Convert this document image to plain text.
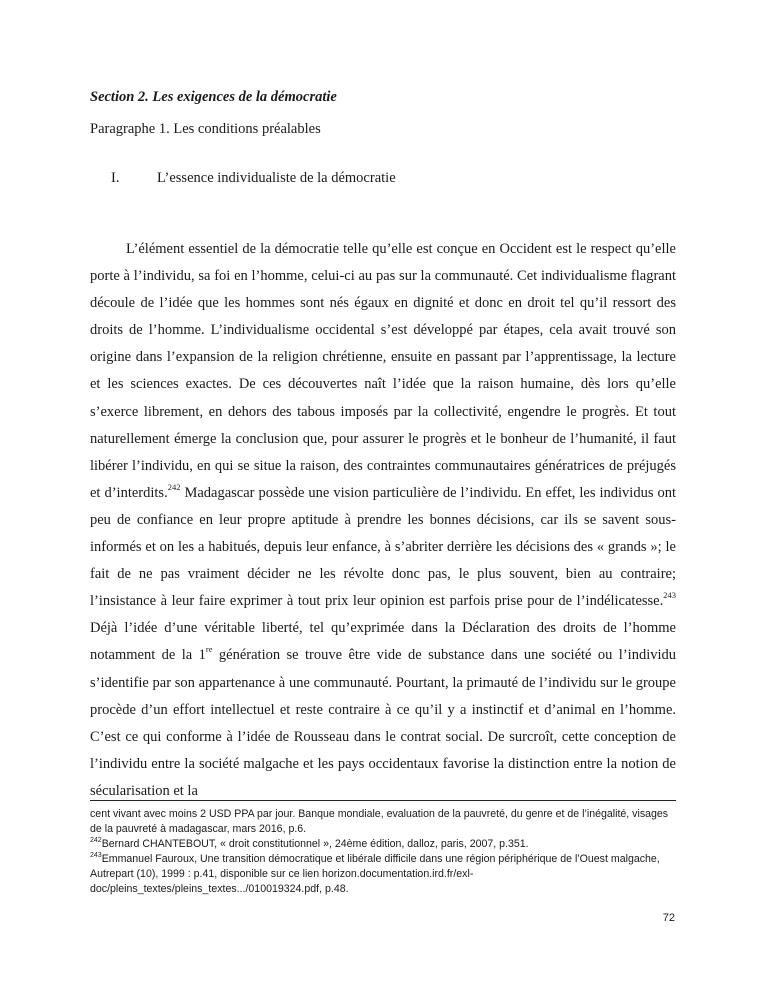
Section 2. Les exigences de la démocratie
Paragraphe 1. Les conditions préalables
I.	L’essence individualiste de la démocratie

L’élément essentiel de la démocratie telle qu’elle est conçue en Occident est le respect qu’elle porte à l’individu, sa foi en l’homme, celui-ci au pas sur la communauté. Cet individualisme flagrant découle de l’idée que les hommes sont nés égaux en dignité et donc en droit tel qu’il ressort des droits de l’homme. L’individualisme occidental s’est développé par étapes, cela avait trouvé son origine dans l’expansion de la religion chrétienne, ensuite en passant par l’apprentissage, la lecture et les sciences exactes. De ces découvertes naît l’idée que la raison humaine, dès lors qu’elle s’exerce librement, en dehors des tabous imposés par la collectivité, engendre le progrès. Et tout naturellement émerge la conclusion que, pour assurer le progrès et le bonheur de l’humanité, il faut libérer l’individu, en qui se situe la raison, des contraintes communautaires génératrices de préjugés et d’interdits.$^{242}$ Madagascar possède une vision particulière de l’individu. En effet, les individus ont peu de confiance en leur propre aptitude à prendre les bonnes décisions, car ils se savent sous-informés et on les a habitués, depuis leur enfance, à s’abriter derrière les décisions des « grands »; le fait de ne pas vraiment décider ne les révolte donc pas, le plus souvent, bien au contraire; l’insistance à leur faire exprimer à tout prix leur opinion est parfois prise pour de l’indélicatesse.$^{243}$ Déjà l’idée d’une véritable liberté, tel qu’exprimée dans la Déclaration des droits de l’homme notamment de la 1re génération se trouve être vide de substance dans une société ou l’individu s’identifie par son appartenance à une communauté. Pourtant, la primauté de l’individu sur le groupe procède d’un effort intellectuel et reste contraire à ce qu’il y a instinctif et d’animal en l’homme. C’est ce qui conforme à l’idée de Rousseau dans le contrat social. De surcroît, cette conception de l’individu entre la société malgache et les pays occidentaux favorise la distinction entre la notion de sécularisation et la

cent vivant avec moins 2 USD PPA par jour. Banque mondiale, evaluation de la pauvreté, du genre et de l’inégalité, visages de la pauvreté à madagascar, mars 2016, p.6.

$^{242}$Bernard CHANTEBOUT, « droit constitutionnel », 24ème édition, dalloz, paris, 2007, p.351.

$^{243}$Emmanuel Fauroux, Une transition démocratique et libérale difficile dans une région périphérique de l’Ouest malgache, Autrepart (10), 1999 : p.41, disponible sur ce lien horizon.documentation.ird.fr/exl-doc/pleins_textes/pleins_textes.../010019324.pdf, p.48.

72
